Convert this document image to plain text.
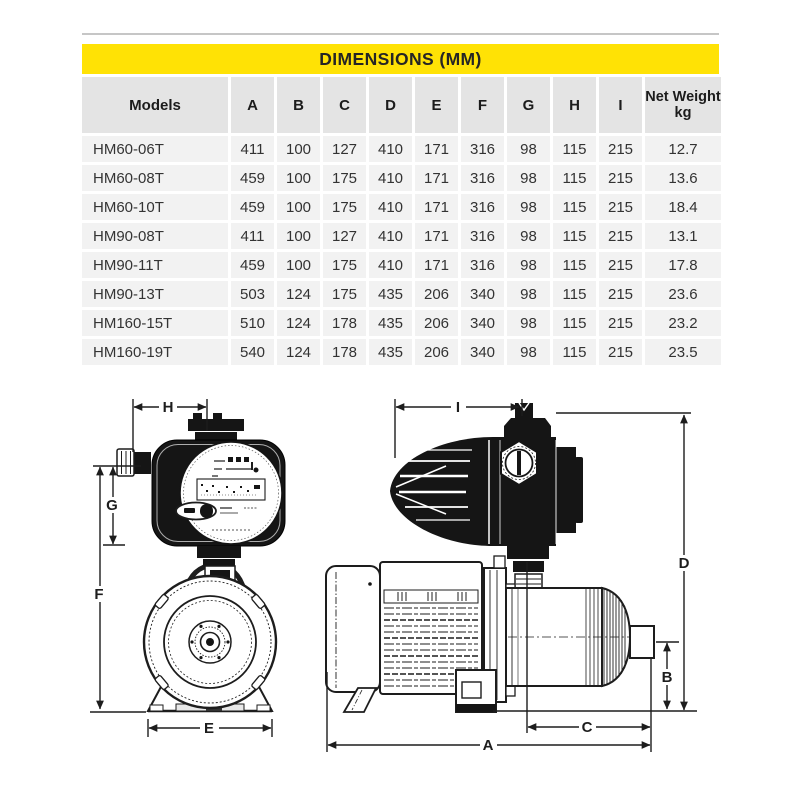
DIMENSIONS (MM)
Models	A	B	C	D	E	F	G	H	I	Net Weight kg
HM60-06T	411	100	127	410	171	316	98	115	215	12.7
HM60-08T	459	100	175	410	171	316	98	115	215	13.6
HM60-10T	459	100	175	410	171	316	98	115	215	18.4
HM90-08T	411	100	127	410	171	316	98	115	215	13.1
HM90-11T	459	100	175	410	171	316	98	115	215	17.8
HM90-13T	503	124	175	435	206	340	98	115	215	23.6
HM160-15T	510	124	178	435	206	340	98	115	215	23.2
HM160-19T	540	124	178	435	206	340	98	115	215	23.5
H
G
F
E
I
D
B
C
A
